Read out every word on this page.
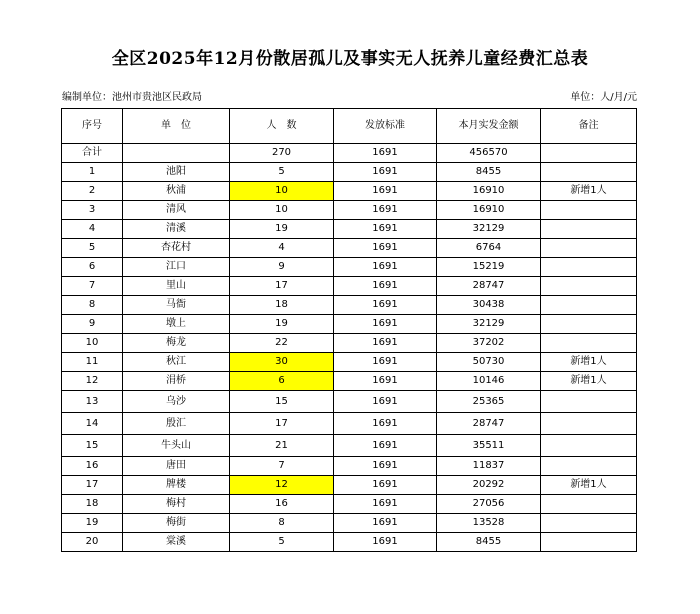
全区2025年12月份散居孤儿及事实无人抚养儿童经费汇总表
编制单位：池州市贵池区民政局	单位：人/月/元
序号	单　位	人　数	发放标准	本月实发金额	备注
合计		270	1691	456570	
1	池阳	5	1691	8455	
2	秋浦	10	1691	16910	新增1人
3	清风	10	1691	16910	
4	清溪	19	1691	32129	
5	杏花村	4	1691	6764	
6	江口	9	1691	15219	
7	里山	17	1691	28747	
8	马衙	18	1691	30438	
9	墩上	19	1691	32129	
10	梅龙	22	1691	37202	
11	秋江	30	1691	50730	新增1人
12	涓桥	6	1691	10146	新增1人
13	乌沙	15	1691	25365	
14	殷汇	17	1691	28747	
15	牛头山	21	1691	35511	
16	唐田	7	1691	11837	
17	牌楼	12	1691	20292	新增1人
18	梅村	16	1691	27056	
19	梅街	8	1691	13528	
20	棠溪	5	1691	8455	
